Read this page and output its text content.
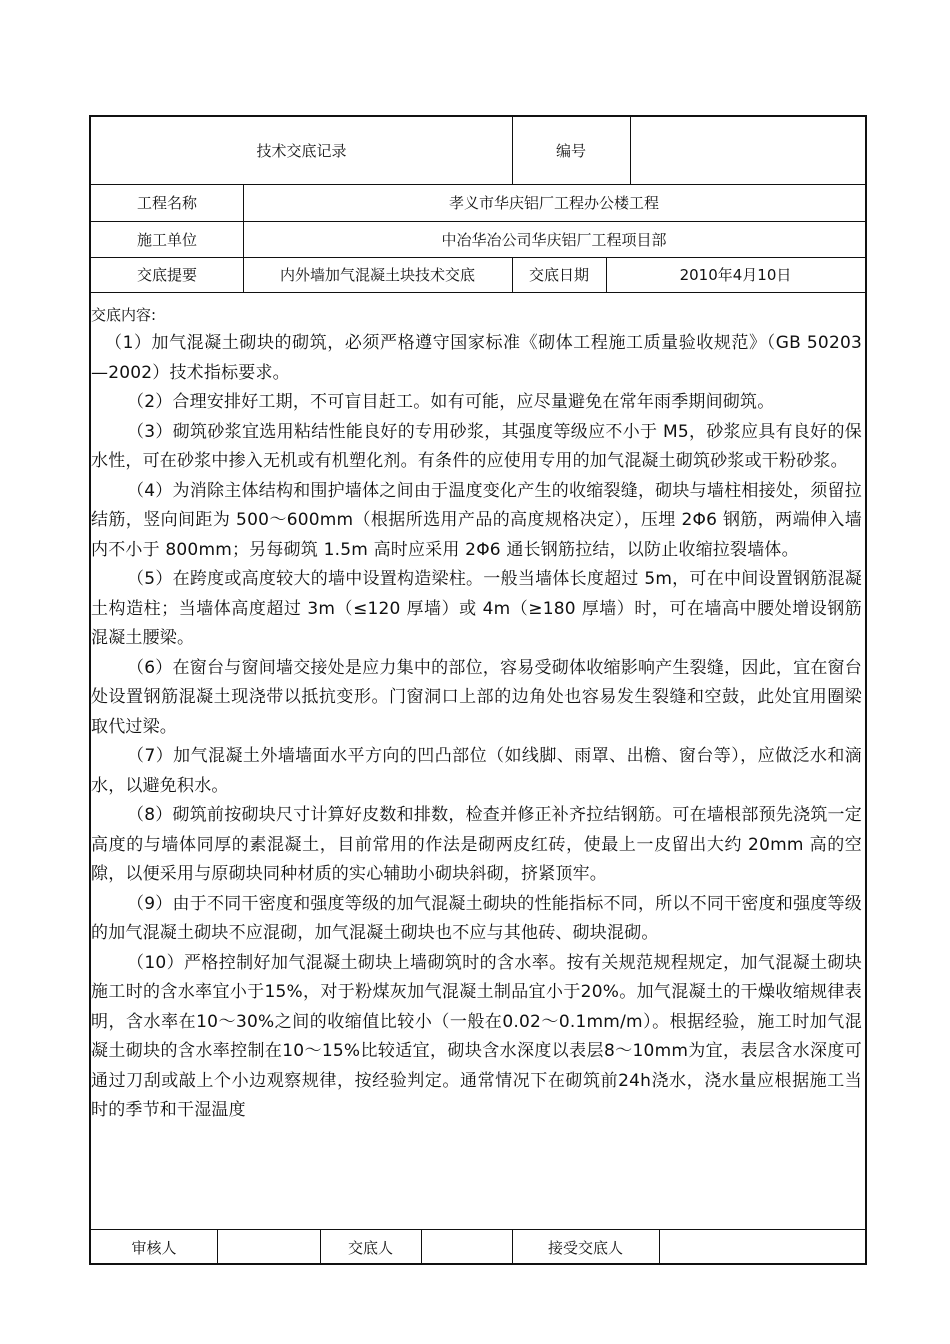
技术交底记录	编号
工程名称	孝义市华庆铝厂工程办公楼工程
施工单位	中冶华冶公司华庆铝厂工程项目部
交底提要	内外墙加气混凝土块技术交底	交底日期	2010年4月10日
交底内容:

（1）加气混凝土砌块的砌筑，必须严格遵守国家标准《砌体工程施工质量验收规范》（GB 50203—2002）技术指标要求。

（2）合理安排好工期，不可盲目赶工。如有可能，应尽量避免在常年雨季期间砌筑。

（3）砌筑砂浆宜选用粘结性能良好的专用砂浆，其强度等级应不小于 M5，砂浆应具有良好的保水性，可在砂浆中掺入无机或有机塑化剂。有条件的应使用专用的加气混凝土砌筑砂浆或干粉砂浆。

（4）为消除主体结构和围护墙体之间由于温度变化产生的收缩裂缝，砌块与墙柱相接处，须留拉结筋，竖向间距为 500～600mm（根据所选用产品的高度规格决定），压埋 2Φ6 钢筋，两端伸入墙内不小于 800mm；另每砌筑 1.5m 高时应采用 2Φ6 通长钢筋拉结，以防止收缩拉裂墙体。

（5）在跨度或高度较大的墙中设置构造梁柱。一般当墙体长度超过 5m，可在中间设置钢筋混凝土构造柱；当墙体高度超过 3m（≤120 厚墙）或 4m（≥180 厚墙）时，可在墙高中腰处增设钢筋混凝土腰梁。

（6）在窗台与窗间墙交接处是应力集中的部位，容易受砌体收缩影响产生裂缝，因此，宜在窗台处设置钢筋混凝土现浇带以抵抗变形。门窗洞口上部的边角处也容易发生裂缝和空鼓，此处宜用圈梁取代过梁。

（7）加气混凝土外墙墙面水平方向的凹凸部位（如线脚、雨罩、出檐、窗台等），应做泛水和滴水，以避免积水。

（8）砌筑前按砌块尺寸计算好皮数和排数，检查并修正补齐拉结钢筋。可在墙根部预先浇筑一定高度的与墙体同厚的素混凝土，目前常用的作法是砌两皮红砖，使最上一皮留出大约 20mm 高的空隙，以便采用与原砌块同种材质的实心辅助小砌块斜砌，挤紧顶牢。

（9）由于不同干密度和强度等级的加气混凝土砌块的性能指标不同，所以不同干密度和强度等级的加气混凝土砌块不应混砌，加气混凝土砌块也不应与其他砖、砌块混砌。

（10）严格控制好加气混凝土砌块上墙砌筑时的含水率。按有关规范规程规定，加气混凝土砌块施工时的含水率宜小于15%，对于粉煤灰加气混凝土制品宜小于20%。加气混凝土的干燥收缩规律表明，含水率在10～30%之间的收缩值比较小（一般在0.02～0.1mm/m）。根据经验，施工时加气混凝土砌块的含水率控制在10～15%比较适宜，砌块含水深度以表层8～10mm为宜，表层含水深度可通过刀刮或敲上个小边观察规律，按经验判定。通常情况下在砌筑前24h浇水，浇水量应根据施工当时的季节和干湿温度

审核人	交底人	接受交底人
